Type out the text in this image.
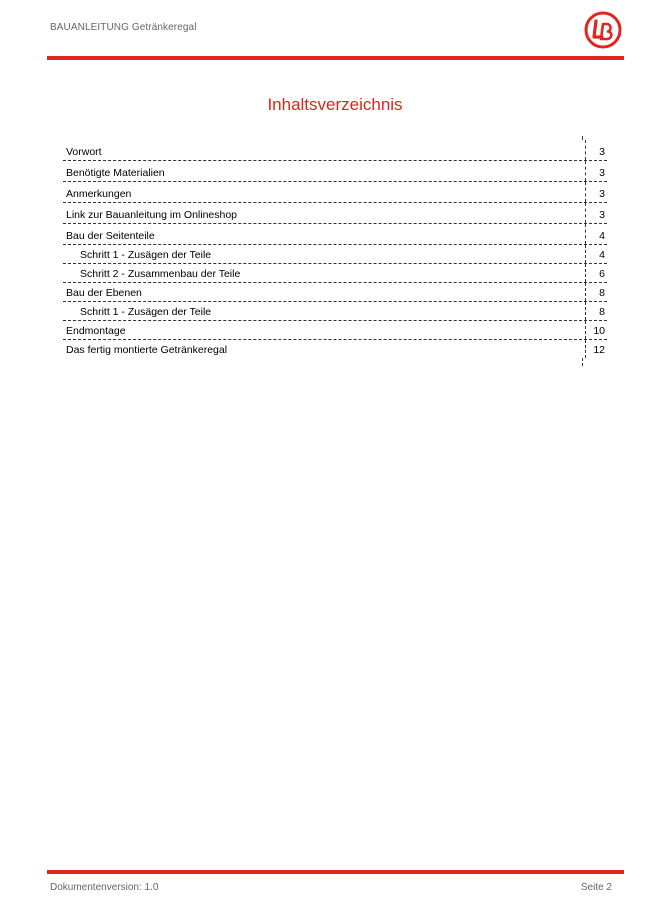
BAUANLEITUNG Getränkeregal
Inhaltsverzeichnis
Vorwort	3
Benötigte Materialien	3
Anmerkungen	3
Link zur Bauanleitung im Onlineshop	3
Bau der Seitenteile	4
Schritt 1 - Zusägen der Teile	4
Schritt 2 - Zusammenbau der Teile	6
Bau der Ebenen	8
Schritt 1 - Zusägen der Teile	8
Endmontage	10
Das fertig montierte Getränkeregal	12
Dokumentenversion: 1.0	Seite 2
